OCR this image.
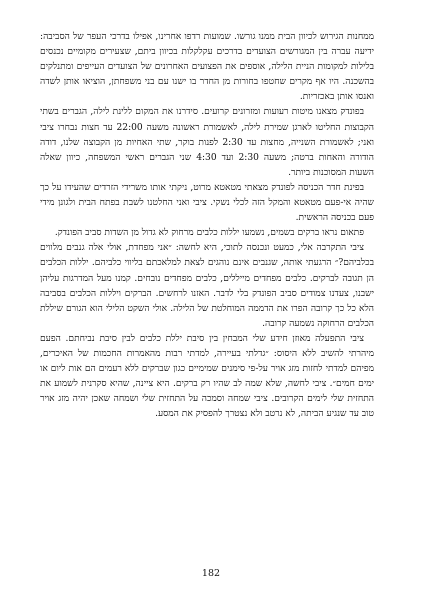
ממחנות הגירוש לכיוון הבית ממנו גורשו. שמועות רדפו אחרינו, אפילו בדרכי העפר של הסביבה: ידיעה עברה בין המגורשים הצועדים בדרכים עקלקלות בכיוון ביתם, שצעירים מקומיים נכנסים בלילות למקומות הניית הלילה, אוספים את הפצועים האחרונים של הצועדים העייפים ומתנלקים בהשכנה. היו אף מקרים שחטפו בחורות מן החדר בו ישנו עם בני משפחתן, הוציאו אותן לשדה ואנסו אותן באכזריות.

בפונדק מצאנו מיטות רעועות ומזרונים קרועים. סידרנו את המקום ללינת לילה, הגברים בשתי הקבוצות החליטו לארגן שמירת לילה, לאשמורת ראשונה משעה 22:00 עד חצות נבחרו ציבי ואני; לאשמורת השנייה, מחצות עד 2:30 לפנות בוקר, שתי האחיות מן הקבוצה שלנו, דודה הודורה והאחות ברטה; משעה 2:30 ועד 4:30 שני הגברים ראשי המשפחה, כיוון שאלה השעות המסוכנות ביותר.

בפינת חדר הכניסה לפונדק מצאתי מטאטא מרוט, ניקתי אותו משרידי הזרדים שהעידו על כך שהיה אי-פעם מטאטא והמקל הזה לכלי נשקי. ציבי ואני החלטנו לשבת בפתח הבית ולגונן מידי פעם בכניסה הראשית.

פתאום נראו ברקים בשמים, נשמעו יללות כלבים מרחוק לא גדול מן השדות סביב הפונדק.

ציבי התקרבה אלי, כמעט ונכנסה לתוכי, היא לחשה: ״אני מפחדת, אולי אלה גנבים מלווים בכלביהם?״ הרגעתי אותה, שגנבים אינם נוהגים לצאת למלאכתם בליווי כלביהם. יללות הכלבים הן תגובה לברקים. כלבים מפחדים מייללים, כלבים מפחדים נובחים. קמנו מעל המדרגות עליהן ישבנו, צעדנו צמודים סביב הפונדק בלי לדבר. האזנו לרחשים. הברקים ויללות הכלבים בסביבה הלא כל כך קרובה הפרו את הדממה המוחלטת של הלילה. אולי השקט הלילי הוא הגורם שיללת הכלבים הרחוקה נשמעה קרובה.

ציבי התפעלה מאוזן חידע שלי המבחין בין סיבת יללת כלבים לבין סיבת נביחתם. הפעם מיהרתי להשיב ללא היסוס: ״גדלתי בעיירה, למדתי רבות מהאמרות החכמות של האיכרים, מפיהם למדתי לחזות מזג אויר על-פי סימנים שמימיים כגון שברקים ללא רעמים הם אות ליום או ימים חמים״. ציבי לחשה, שלא שמה לב שהיו רק ברקים. היא ציינה, שהיא סקרנית לשמוע את התחזית שלי לימים הקרובים. ציבי שמחה וסמכה על התחזית שלי ושמחה שאכן יהיה מזג אויר טוב עד שנגיע הביתה, לא נרטב ולא נצטרך להפסיק את המסע.

182
